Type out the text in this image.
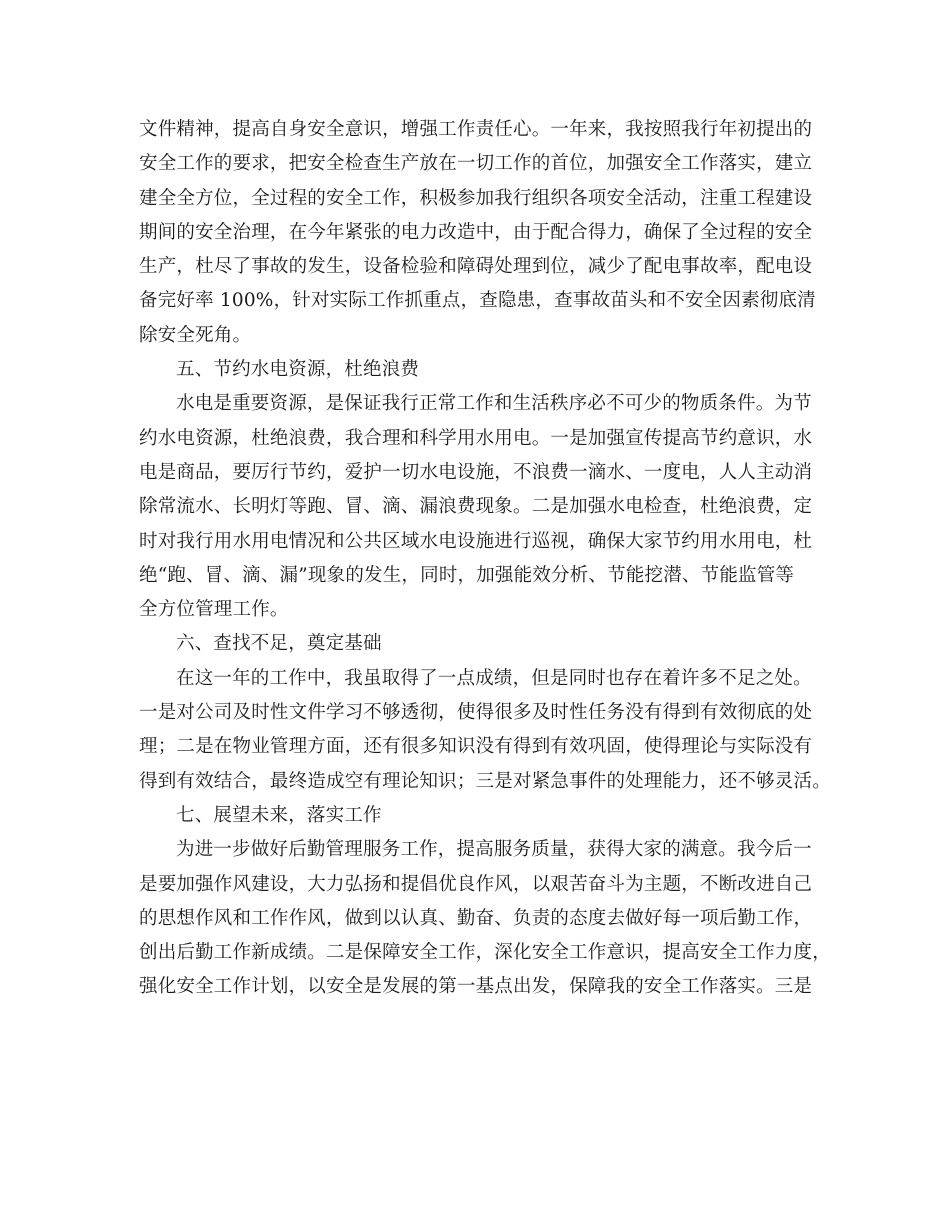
文件精神，提高自身安全意识，增强工作责任心。一年来，我按照我行年初提出的
安全工作的要求，把安全检查生产放在一切工作的首位，加强安全工作落实，建立
建全全方位，全过程的安全工作，积极参加我行组织各项安全活动，注重工程建设
期间的安全治理，在今年紧张的电力改造中，由于配合得力，确保了全过程的安全
生产，杜尽了事故的发生，设备检验和障碍处理到位，减少了配电事故率，配电设
备完好率 100%，针对实际工作抓重点，查隐患，查事故苗头和不安全因素彻底清
除安全死角。
五、节约水电资源，杜绝浪费
水电是重要资源，是保证我行正常工作和生活秩序必不可少的物质条件。为节
约水电资源，杜绝浪费，我合理和科学用水用电。一是加强宣传提高节约意识，水
电是商品，要厉行节约，爱护一切水电设施，不浪费一滴水、一度电，人人主动消
除常流水、长明灯等跑、冒、滴、漏浪费现象。二是加强水电检查，杜绝浪费，定
时对我行用水用电情况和公共区域水电设施进行巡视，确保大家节约用水用电，杜
绝“跑、冒、滴、漏”现象的发生，同时，加强能效分析、节能挖潜、节能监管等
全方位管理工作。
六、查找不足，奠定基础
在这一年的工作中，我虽取得了一点成绩，但是同时也存在着许多不足之处。
一是对公司及时性文件学习不够透彻，使得很多及时性任务没有得到有效彻底的处
理；二是在物业管理方面，还有很多知识没有得到有效巩固，使得理论与实际没有
得到有效结合，最终造成空有理论知识；三是对紧急事件的处理能力，还不够灵活。
七、展望未来，落实工作
为进一步做好后勤管理服务工作，提高服务质量，获得大家的满意。我今后一
是要加强作风建设，大力弘扬和提倡优良作风，以艰苦奋斗为主题，不断改进自己
的思想作风和工作作风，做到以认真、勤奋、负责的态度去做好每一项后勤工作，
创出后勤工作新成绩。二是保障安全工作，深化安全工作意识，提高安全工作力度，
强化安全工作计划，以安全是发展的第一基点出发，保障我的安全工作落实。三是
